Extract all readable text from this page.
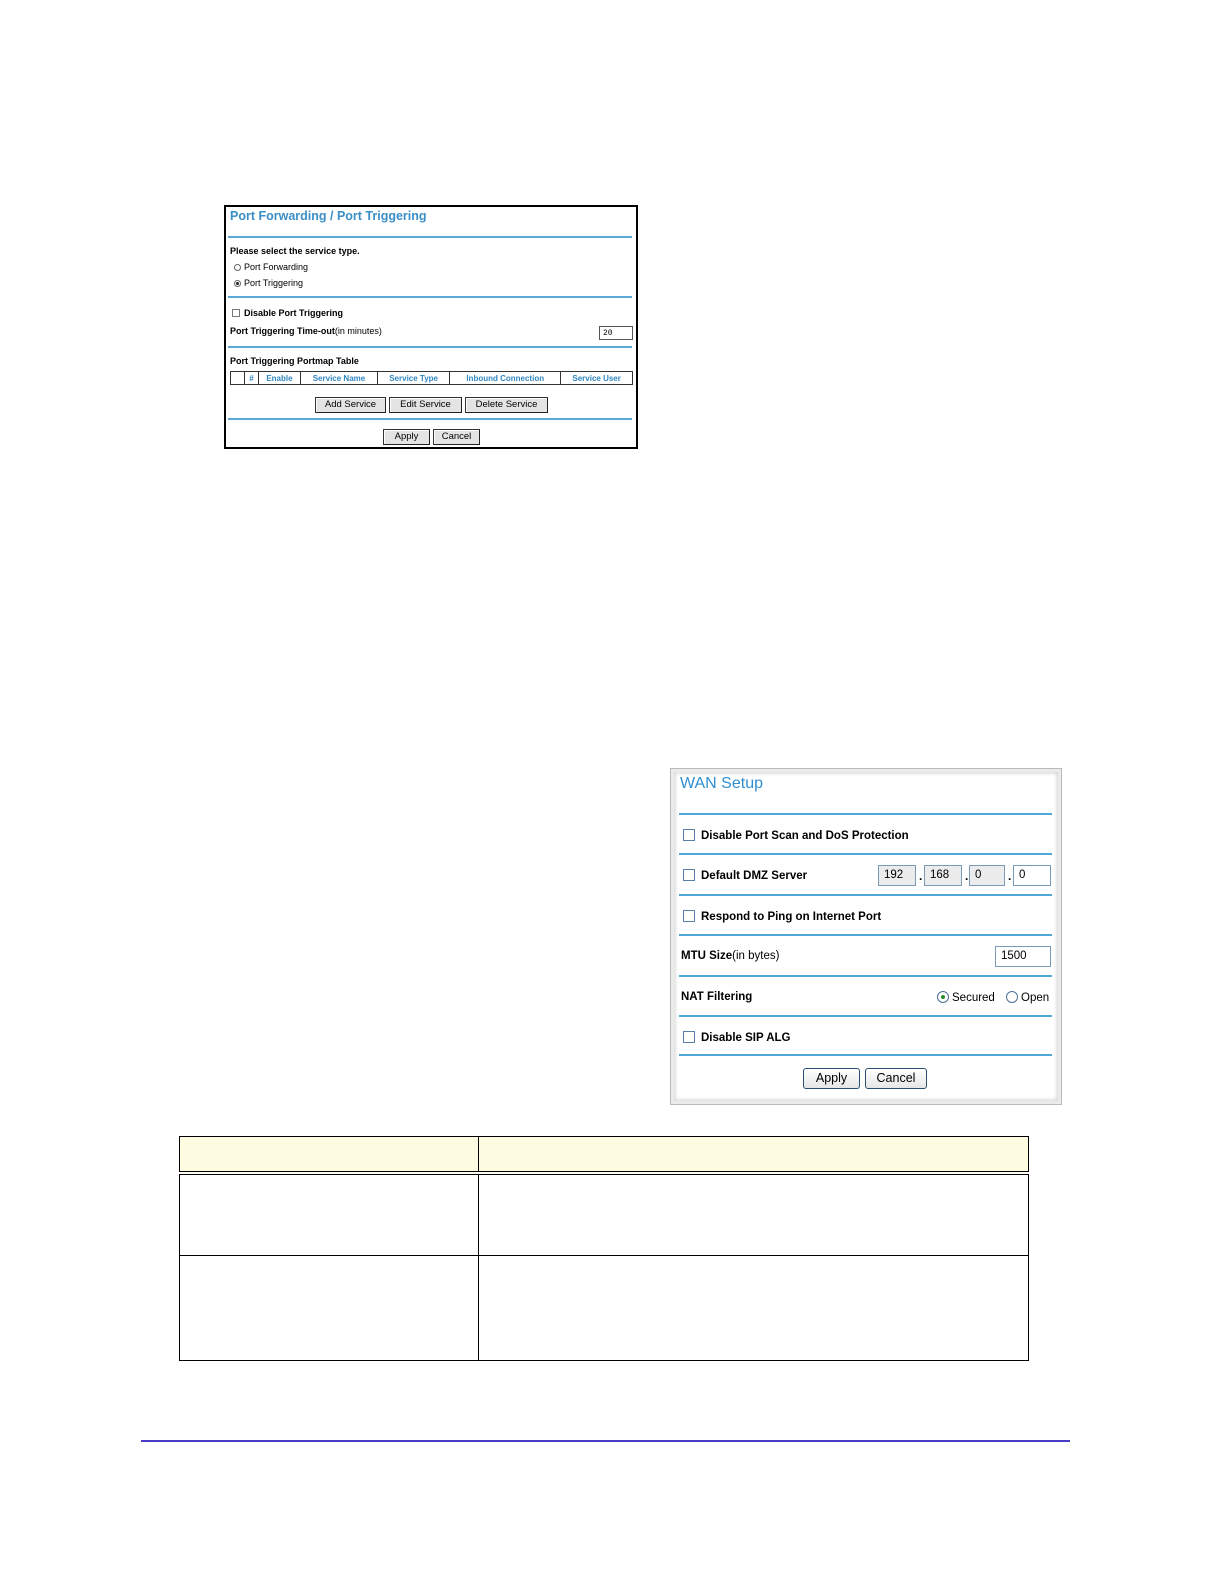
Port Forwarding / Port Triggering
Please select the service type.
Port Forwarding
Port Triggering
Disable Port Triggering
Port Triggering Time-out(in minutes)	20
Port Triggering Portmap Table
	#	Enable	Service Name	Service Type	Inbound Connection	Service User
Add Service	Edit Service	Delete Service
Apply	Cancel
WAN Setup
Disable Port Scan and DoS Protection
Default DMZ Server	192	. 168	. 0	. 0
Respond to Ping on Internet Port
MTU Size(in bytes)	1500
NAT Filtering	Secured	Open
Disable SIP ALG
Apply	Cancel
